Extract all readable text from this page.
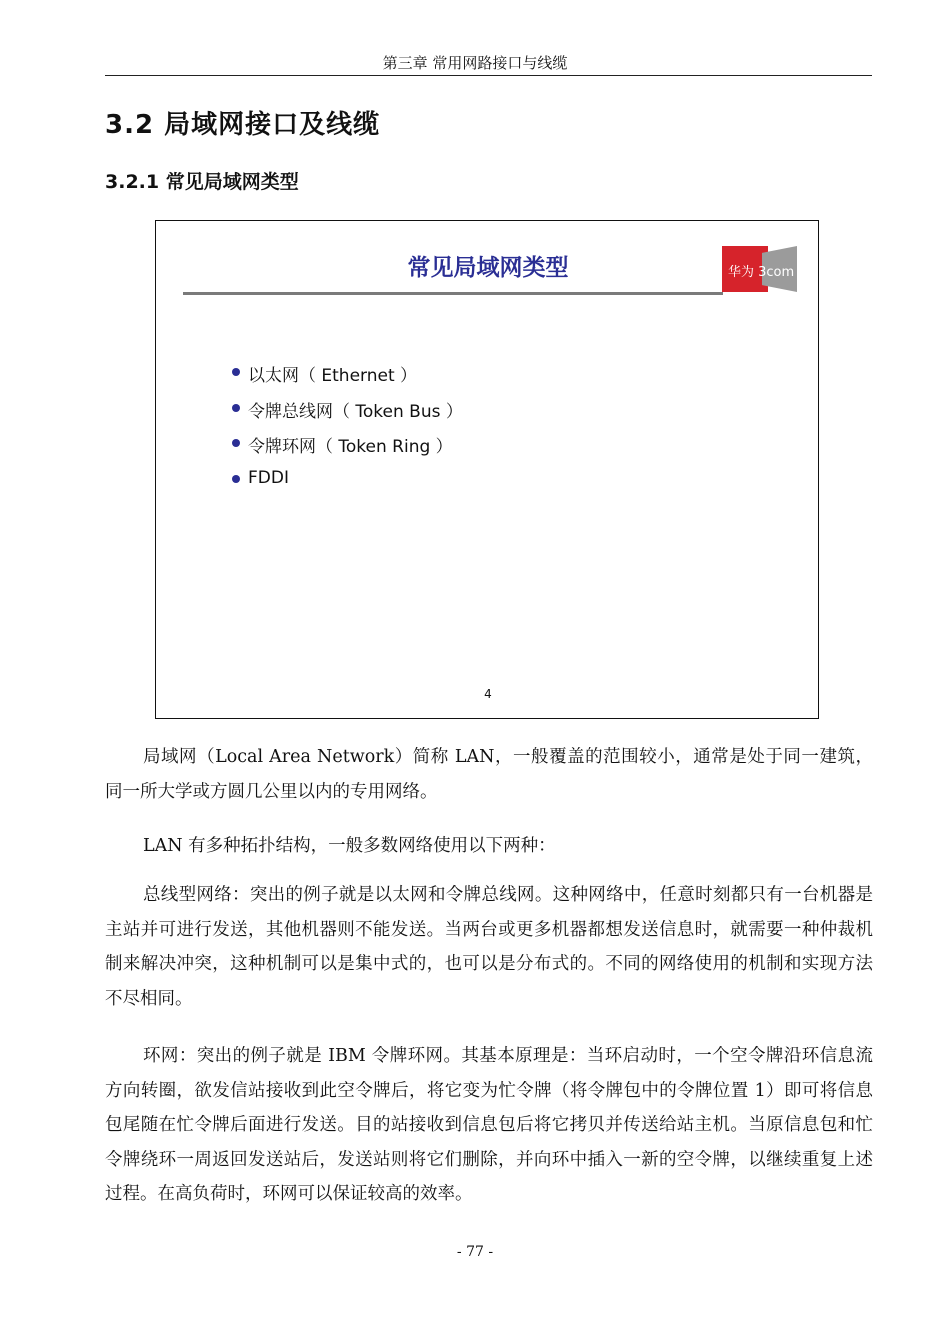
第三章 常用网路接口与线缆
3.2 局域网接口及线缆
3.2.1 常见局域网类型
常见局域网类型	华为 3com
以太网（ Ethernet ）
令牌总线网（ Token Bus ）
令牌环网（ Token Ring ）
FDDI
4

局域网（Local Area Network）简称 LAN，一般覆盖的范围较小，通常是处于同一建筑，同一所大学或方圆几公里以内的专用网络。

LAN 有多种拓扑结构，一般多数网络使用以下两种：

总线型网络：突出的例子就是以太网和令牌总线网。这种网络中，任意时刻都只有一台机器是主站并可进行发送，其他机器则不能发送。当两台或更多机器都想发送信息时，就需要一种仲裁机制来解决冲突，这种机制可以是集中式的，也可以是分布式的。不同的网络使用的机制和实现方法不尽相同。

环网：突出的例子就是 IBM 令牌环网。其基本原理是：当环启动时，一个空令牌沿环信息流方向转圈，欲发信站接收到此空令牌后，将它变为忙令牌（将令牌包中的令牌位置 1）即可将信息包尾随在忙令牌后面进行发送。目的站接收到信息包后将它拷贝并传送给站主机。当原信息包和忙令牌绕环一周返回发送站后，发送站则将它们删除，并向环中插入一新的空令牌，以继续重复上述过程。在高负荷时，环网可以保证较高的效率。

- 77 -
